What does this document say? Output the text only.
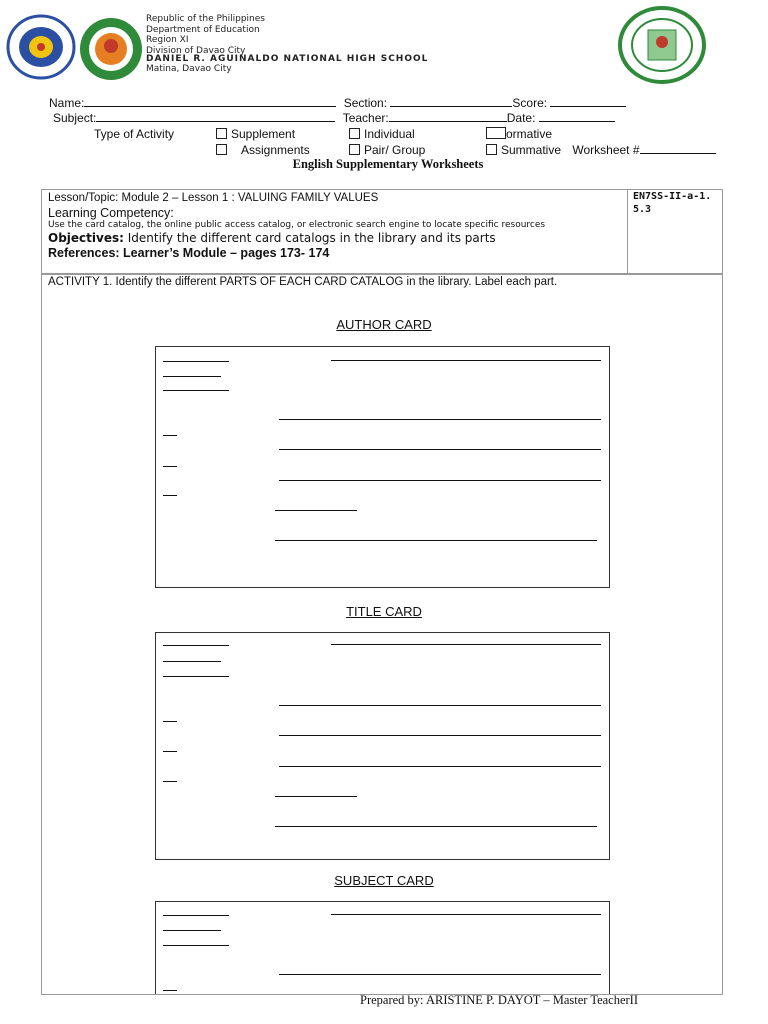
Republic of the Philippines
Department of Education
Region XI
Division of Davao City
DANIEL R. AGUINALDO NATIONAL HIGH SCHOOL
Matina, Davao City
Name:	Section:	Score:
Subject:	Teacher:	Date:
Type of Activity	Supplement	Individual	ormative
Assignments	Pair/ Group	Summative Worksheet #
English Supplementary Worksheets
Lesson/Topic: Module 2 – Lesson 1 : VALUING FAMILY VALUES
Learning Competency:
Use the card catalog, the online public access catalog, or electronic search engine to locate specific resources
Objectives: Identify the different card catalogs in the library and its parts
References: Learner’s Module – pages 173- 174
EN7SS-II-a-1.5.3
ACTIVITY 1. Identify the different PARTS OF EACH CARD CATALOG in the library. Label each part.
AUTHOR CARD
TITLE CARD
SUBJECT CARD
Prepared by: ARISTINE P. DAYOT – Master TeacherII
